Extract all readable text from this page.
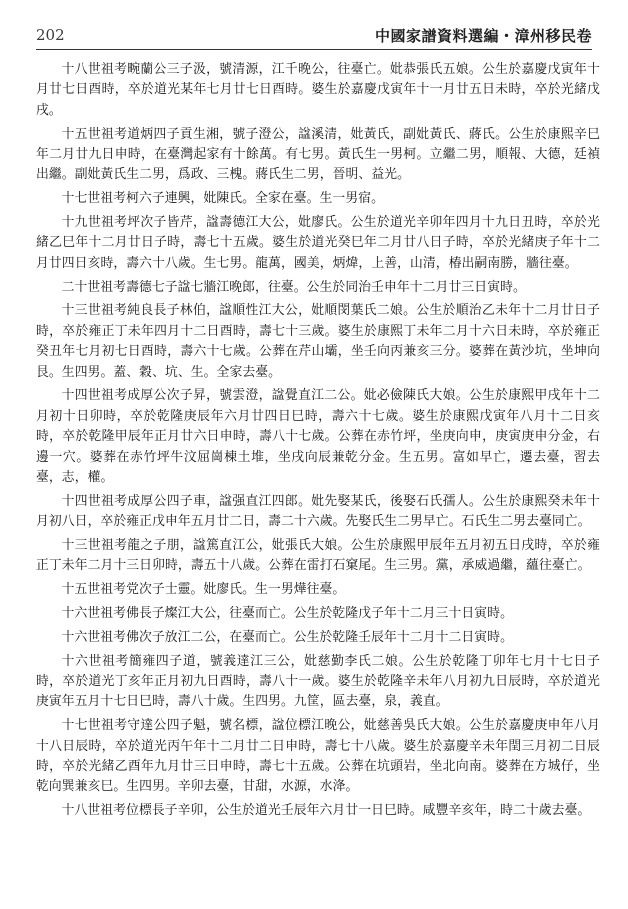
202	中國家譜資料選編・漳州移民卷

十八世祖考畹蘭公三子汲，號清源，江千晚公，往臺亡。妣恭張氏五娘。公生於嘉慶戊寅年十月廿七日酉時，卒於道光某年七月廿七日酉時。婆生於嘉慶戊寅年十一月廿五日未時，卒於光緒戊戌。

十五世祖考道炳四子貢生湘，號子澄公，諡溪清，妣黃氏，副妣黃氏、蔣氏。公生於康熙辛巳年二月廿九日申時，在臺灣起家有十餘萬。有七男。黃氏生一男柯。立繼二男，順報、大德，廷禎出繼。副妣黃氏生二男，爲政、三槐。蔣氏生二男，晉明、益光。

十七世祖考柯六子連興，妣陳氏。全家在臺。生一男宿。

十九世祖考坪次子皆芹，諡壽德江大公，妣廖氏。公生於道光辛卯年四月十九日丑時，卒於光緒乙巳年十二月廿日子時，壽七十五歲。婆生於道光癸巳年二月廿八日子時，卒於光緒庚子年十二月廿四日亥時，壽六十八歲。生七男。龍萬，國美，炳煒，上善，山清，椿出嗣南勝，牆往臺。

二十世祖考壽德七子諡七牆江晚郎，往臺。公生於同治壬申年十二月廿三日寅時。

十三世祖考純良長子林伯，諡順性江大公，妣順閔葉氏二娘。公生於順治乙未年十二月廿日子時，卒於雍正丁未年四月十二日酉時，壽七十三歲。婆生於康熙丁未年二月十六日未時，卒於雍正癸丑年七月初七日酉時，壽六十七歲。公葬在芹山壩，坐壬向丙兼亥三分。婆葬在黃沙坑，坐坤向艮。生四男。蓋、穀、坑、生。全家去臺。

十四世祖考成厚公次子昇，號雲澄，諡覺直江二公。妣必儉陳氏大娘。公生於康熙甲戌年十二月初十日卯時，卒於乾隆庚辰年六月廿四日巳時，壽六十七歲。婆生於康熙戊寅年八月十二日亥時，卒於乾隆甲辰年正月廿六日申時，壽八十七歲。公葬在赤竹坪，坐庚向申，庚寅庚申分金，右邊一穴。婆葬在赤竹坪牛汶屈崗棟土堆，坐戌向辰兼乾分金。生五男。富如早亡，遷去臺，習去臺，志，權。

十四世祖考成厚公四子車，諡强直江四郎。妣先娶某氏，後娶石氏孺人。公生於康熙癸未年十月初八日，卒於雍正戊申年五月廿二日，壽二十六歲。先娶氏生二男早亡。石氏生二男去臺同亡。

十三世祖考龍之子朋，諡篤直江公，妣張氏大娘。公生於康熙甲辰年五月初五日戌時，卒於雍正丁未年二月十三日卯時，壽五十八歲。公葬在雷打石窠尾。生三男。黨，承威過繼，蘊往臺亡。

十五世祖考党次子士靈。妣廖氏。生一男燁往臺。

十六世祖考佛長子燦江大公，往臺而亡。公生於乾隆戊子年十二月三十日寅時。

十六世祖考佛次子放江二公，在臺而亡。公生於乾隆壬辰年十二月十二日寅時。

十六世祖考簡雍四子道，號義達江三公，妣慈勤李氏二娘。公生於乾隆丁卯年七月十七日子時，卒於道光丁亥年正月初九日酉時，壽八十一歲。婆生於乾隆辛未年八月初九日辰時，卒於道光庚寅年五月十七日巳時，壽八十歲。生四男。九筐，區去臺，泉，義直。

十七世祖考守達公四子魁，號名標，諡位標江晚公，妣慈善吳氏大娘。公生於嘉慶庚申年八月十八日辰時，卒於道光丙午年十二月廿二日申時，壽七十八歲。婆生於嘉慶辛未年閏三月初二日辰時，卒於光緒乙酉年九月廿三日申時，壽七十五歲。公葬在坑頭岩，坐北向南。婆葬在方城仔，坐乾向巽兼亥巳。生四男。辛卯去臺，甘甜，水源，水洚。

十八世祖考位標長子辛卯，公生於道光壬辰年六月廿一日巳時。咸豐辛亥年，時二十歲去臺。
